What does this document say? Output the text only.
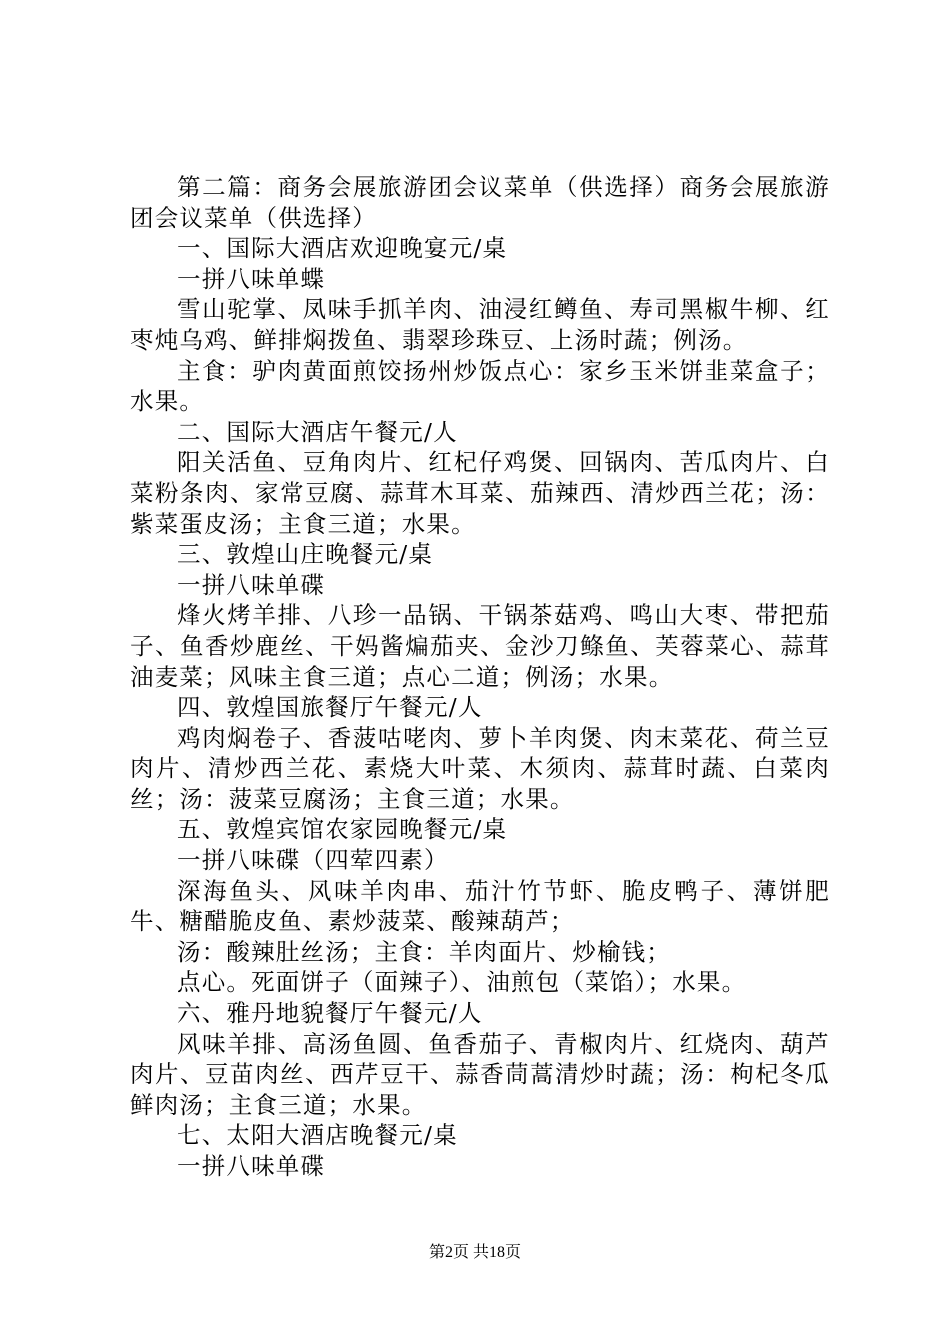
第二篇：商务会展旅游团会议菜单（供选择）商务会展旅游团会议菜单（供选择）

一、国际大酒店欢迎晚宴元/桌

一拼八味单蝶

雪山驼掌、凤味手抓羊肉、油浸红鳟鱼、寿司黑椒牛柳、红枣炖乌鸡、鲜排焖拨鱼、翡翠珍珠豆、上汤时蔬；例汤。

主食：驴肉黄面煎饺扬州炒饭点心：家乡玉米饼韭菜盒子；水果。

二、国际大酒店午餐元/人

阳关活鱼、豆角肉片、红杞仔鸡煲、回锅肉、苦瓜肉片、白菜粉条肉、家常豆腐、蒜茸木耳菜、茄辣西、清炒西兰花；汤：紫菜蛋皮汤；主食三道；水果。

三、敦煌山庄晚餐元/桌

一拼八味单碟

烽火烤羊排、八珍一品锅、干锅茶菇鸡、鸣山大枣、带把茄子、鱼香炒鹿丝、干妈酱煸茄夹、金沙刀鲦鱼、芙蓉菜心、蒜茸油麦菜；风味主食三道；点心二道；例汤；水果。

四、敦煌国旅餐厅午餐元/人

鸡肉焖卷子、香菠咕咾肉、萝卜羊肉煲、肉末菜花、荷兰豆肉片、清炒西兰花、素烧大叶菜、木须肉、蒜茸时蔬、白菜肉丝；汤：菠菜豆腐汤；主食三道；水果。

五、敦煌宾馆农家园晚餐元/桌

一拼八味碟（四荤四素）

深海鱼头、风味羊肉串、茄汁竹节虾、脆皮鸭子、薄饼肥牛、糖醋脆皮鱼、素炒菠菜、酸辣葫芦；

汤：酸辣肚丝汤；主食：羊肉面片、炒榆钱；

点心。死面饼子（面辣子）、油煎包（菜馅）；水果。

六、雅丹地貌餐厅午餐元/人

风味羊排、高汤鱼圆、鱼香茄子、青椒肉片、红烧肉、葫芦肉片、豆苗肉丝、西芹豆干、蒜香茼蒿清炒时蔬；汤：枸杞冬瓜鲜肉汤；主食三道；水果。

七、太阳大酒店晚餐元/桌

一拼八味单碟

第2页 共18页
